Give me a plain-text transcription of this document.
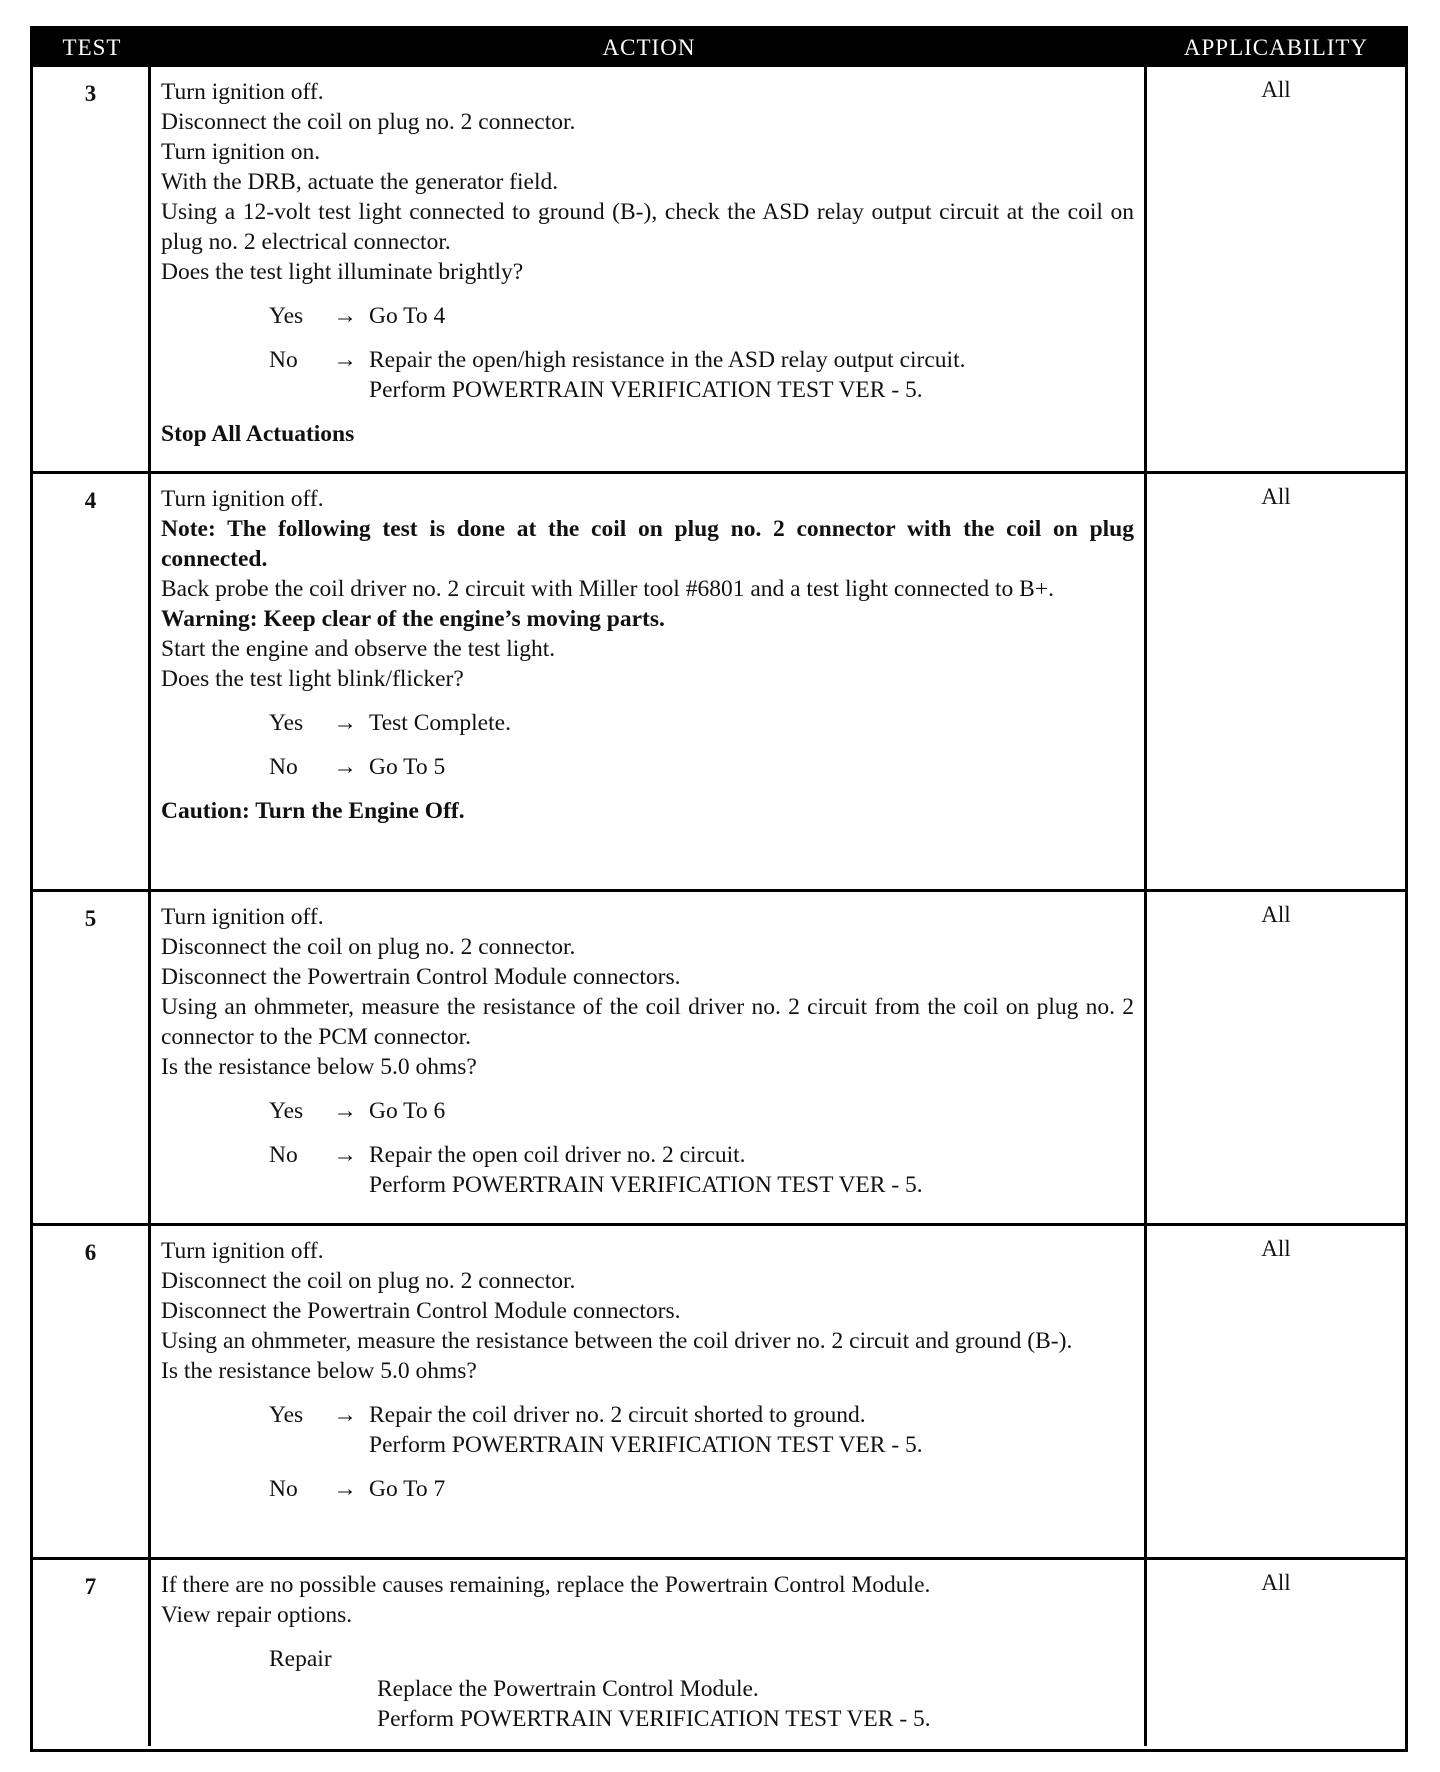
TEST	ACTION	APPLICABILITY
3	Turn ignition off.
Disconnect the coil on plug no. 2 connector.
Turn ignition on.
With the DRB, actuate the generator field.
Using a 12-volt test light connected to ground (B-), check the ASD relay output circuit at the coil on plug no. 2 electrical connector.
Does the test light illuminate brightly?
Yes	→ Go To 4
No	→ Repair the open/high resistance in the ASD relay output circuit.
Perform POWERTRAIN VERIFICATION TEST VER - 5.
Stop All Actuations
All
4	Turn ignition off.
Note: The following test is done at the coil on plug no. 2 connector with the coil on plug connected.
Back probe the coil driver no. 2 circuit with Miller tool #6801 and a test light connected to B+.
Warning: Keep clear of the engine’s moving parts.
Start the engine and observe the test light.
Does the test light blink/flicker?
Yes	→ Test Complete.
No	→ Go To 5
Caution: Turn the Engine Off.
All
5	Turn ignition off.
Disconnect the coil on plug no. 2 connector.
Disconnect the Powertrain Control Module connectors.
Using an ohmmeter, measure the resistance of the coil driver no. 2 circuit from the coil on plug no. 2 connector to the PCM connector.
Is the resistance below 5.0 ohms?
Yes	→ Go To 6
No	→ Repair the open coil driver no. 2 circuit.
Perform POWERTRAIN VERIFICATION TEST VER - 5.
All
6	Turn ignition off.
Disconnect the coil on plug no. 2 connector.
Disconnect the Powertrain Control Module connectors.
Using an ohmmeter, measure the resistance between the coil driver no. 2 circuit and ground (B-).
Is the resistance below 5.0 ohms?
Yes	→ Repair the coil driver no. 2 circuit shorted to ground.
Perform POWERTRAIN VERIFICATION TEST VER - 5.
No	→ Go To 7
All
7	If there are no possible causes remaining, replace the Powertrain Control Module.
View repair options.
Repair
Replace the Powertrain Control Module.
Perform POWERTRAIN VERIFICATION TEST VER - 5.
All
